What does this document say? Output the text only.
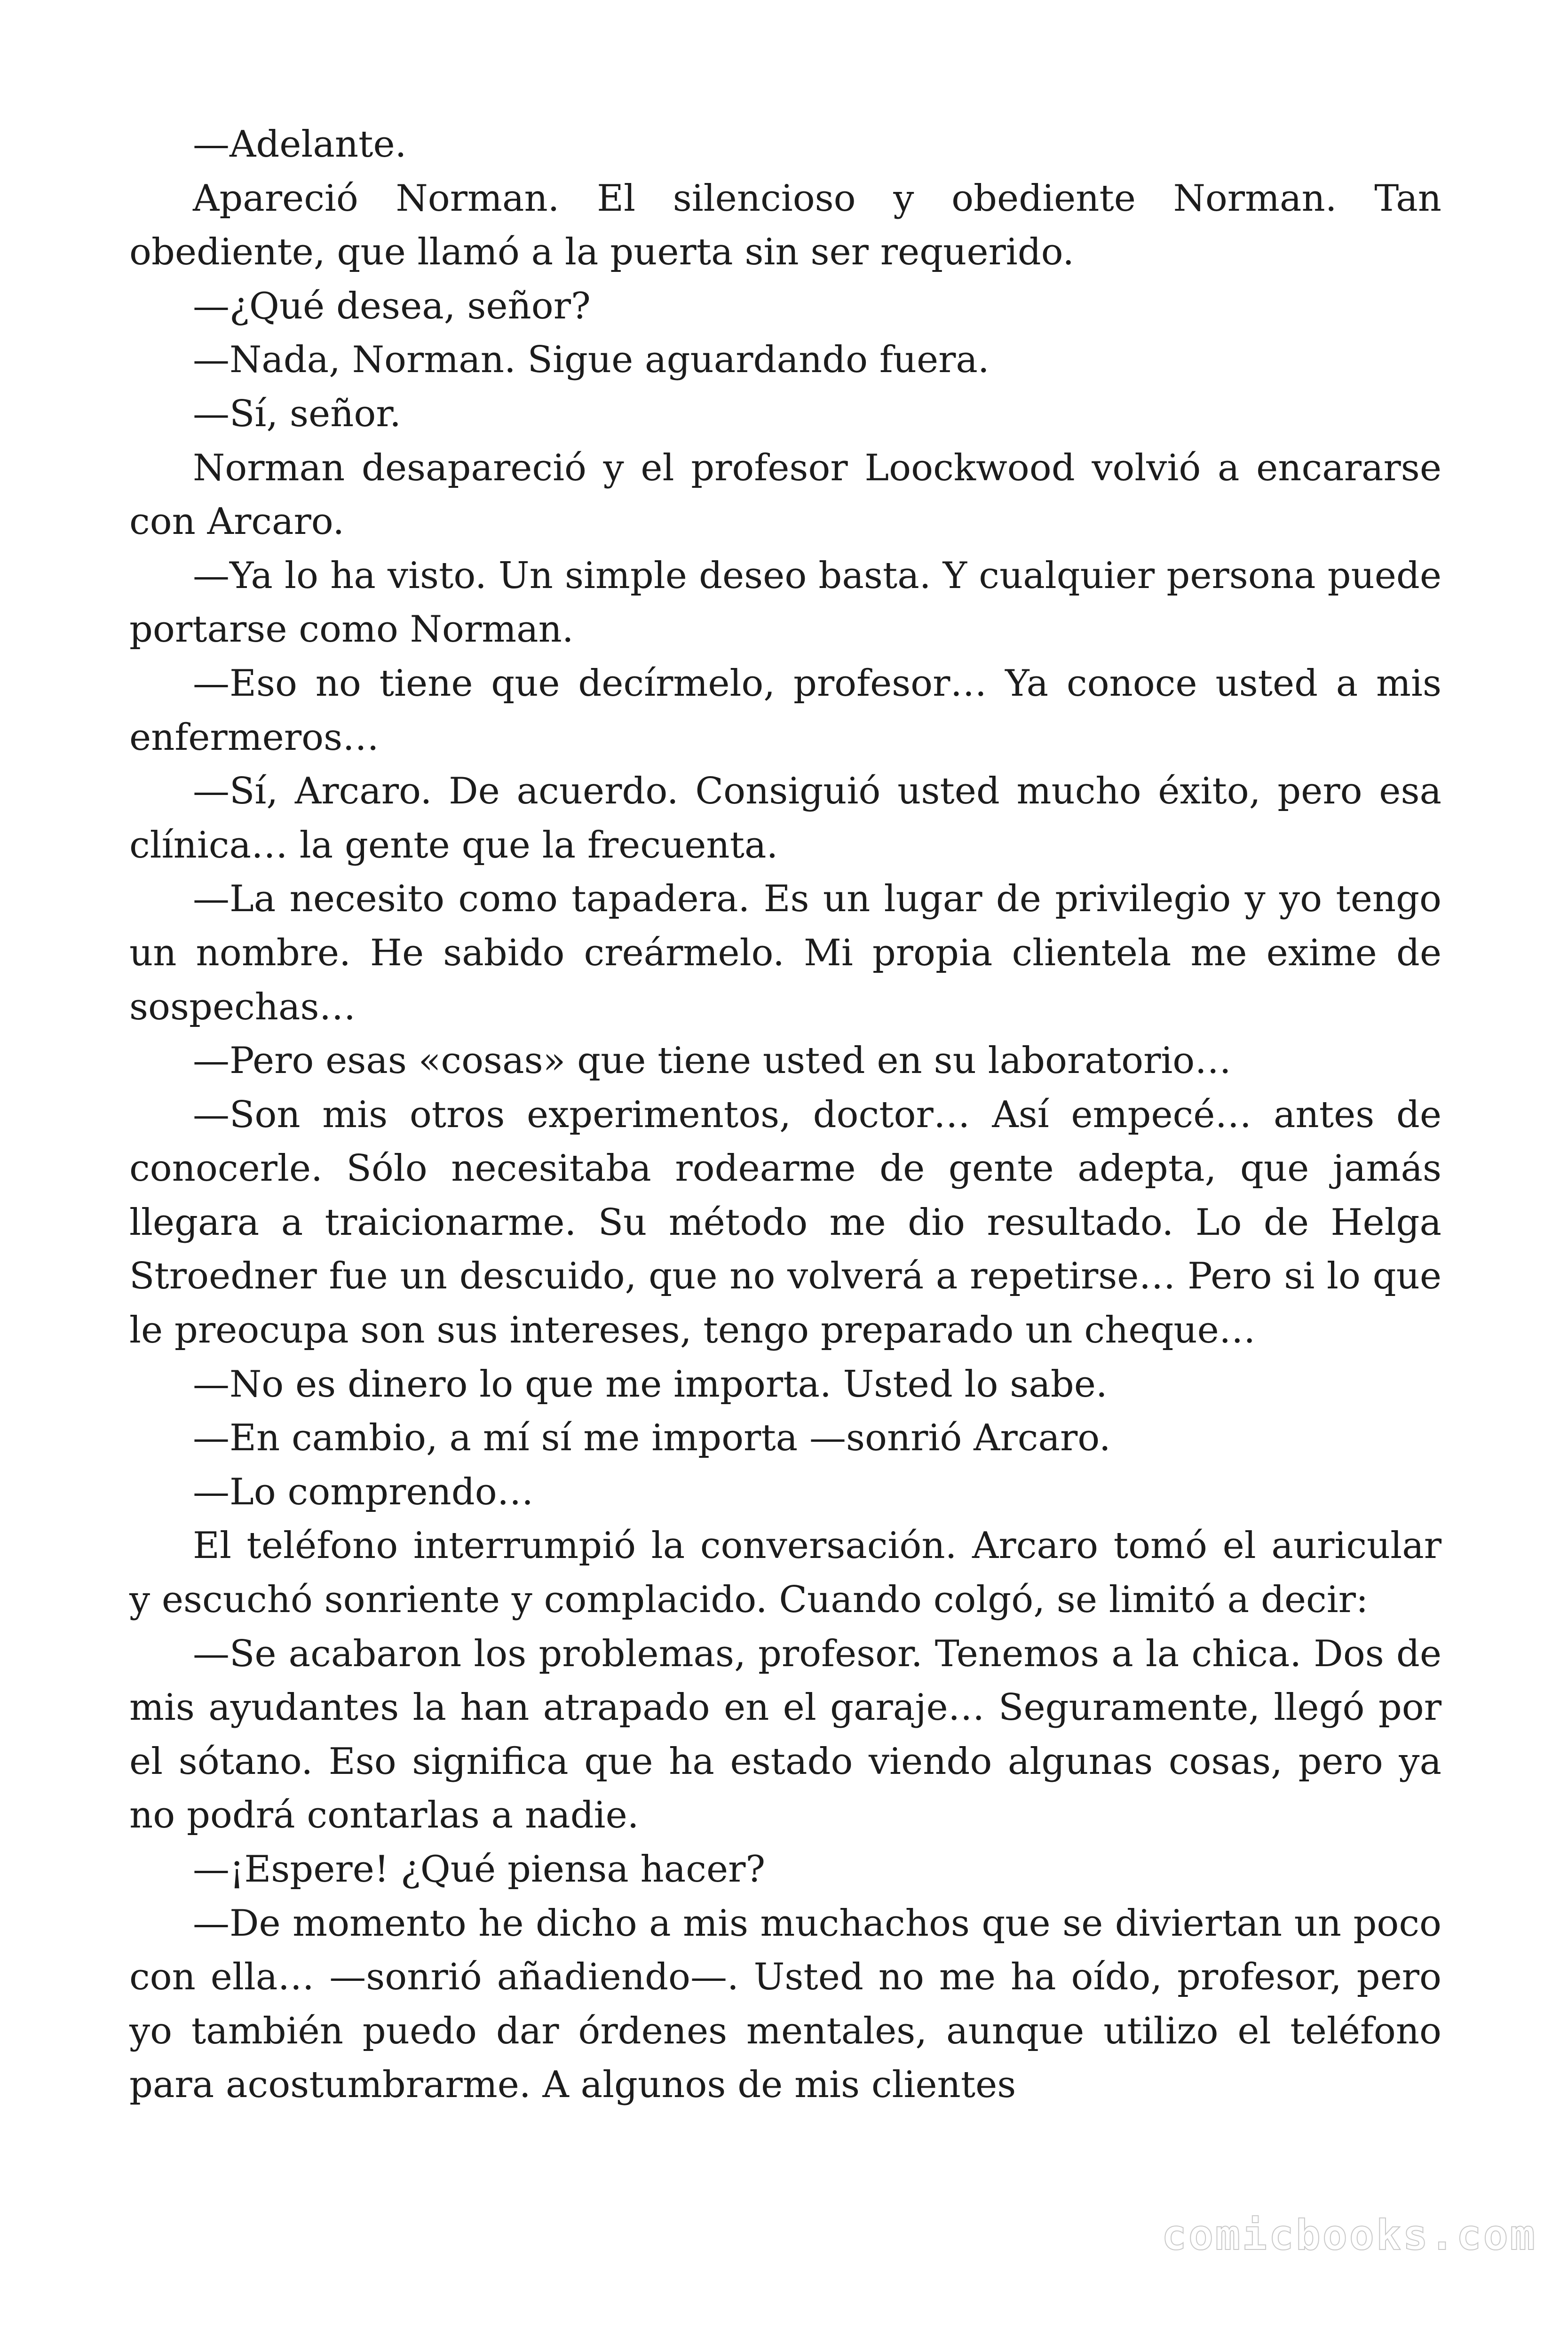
—Adelante.

Apareció Norman. El silencioso y obediente Norman. Tan obediente, que llamó a la puerta sin ser requerido.

—¿Qué desea, señor?

—Nada, Norman. Sigue aguardando fuera.

—Sí, señor.

Norman desapareció y el profesor Loockwood volvió a encararse con Arcaro.

—Ya lo ha visto. Un simple deseo basta. Y cualquier persona puede portarse como Norman.

—Eso no tiene que decírmelo, profesor… Ya conoce usted a mis enfermeros…

—Sí, Arcaro. De acuerdo. Consiguió usted mucho éxito, pero esa clínica… la gente que la frecuenta.

—La necesito como tapadera. Es un lugar de privilegio y yo tengo un nombre. He sabido creármelo. Mi propia clientela me exime de sospechas…

—Pero esas «cosas» que tiene usted en su laboratorio…

—Son mis otros experimentos, doctor… Así empecé… antes de conocerle. Sólo necesitaba rodearme de gente adepta, que jamás llegara a traicionarme. Su método me dio resultado. Lo de Helga Stroedner fue un descuido, que no volverá a repetirse… Pero si lo que le preocupa son sus intereses, tengo preparado un cheque…

—No es dinero lo que me importa. Usted lo sabe.

—En cambio, a mí sí me importa —sonrió Arcaro.

—Lo comprendo…

El teléfono interrumpió la conversación. Arcaro tomó el auricular y escuchó sonriente y complacido. Cuando colgó, se limitó a decir:

—Se acabaron los problemas, profesor. Tenemos a la chica. Dos de mis ayudantes la han atrapado en el garaje… Seguramente, llegó por el sótano. Eso significa que ha estado viendo algunas cosas, pero ya no podrá contarlas a nadie.

—¡Espere! ¿Qué piensa hacer?

—De momento he dicho a mis muchachos que se diviertan un poco con ella… —sonrió añadiendo—. Usted no me ha oído, profesor, pero yo también puedo dar órdenes mentales, aunque utilizo el teléfono para acostumbrarme. A algunos de mis clientes

comicbooks.com
